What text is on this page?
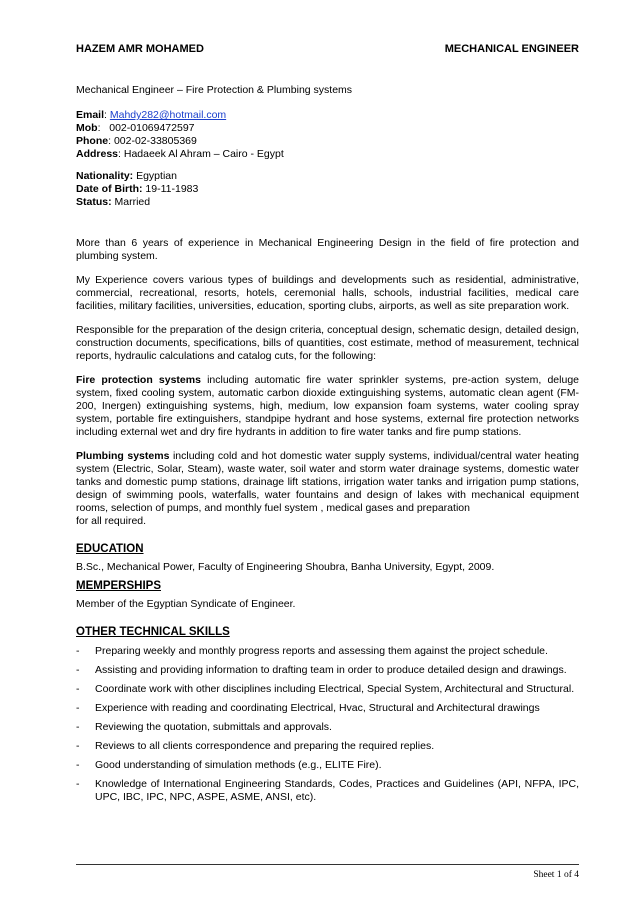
HAZEM AMR MOHAMED	MECHANICAL ENGINEER

Mechanical Engineer – Fire Protection & Plumbing systems

Email: Mahdy282@hotmail.com

Mob:   002-01069472597

Phone: 002-02-33805369

Address: Hadaeek Al Ahram – Cairo - Egypt

Nationality: Egyptian

Date of Birth: 19-11-1983

Status: Married

More than 6 years of experience in Mechanical Engineering Design in the field of fire protection and plumbing system.

My Experience covers various types of buildings and developments such as residential, administrative, commercial, recreational, resorts, hotels, ceremonial halls, schools, industrial facilities, medical care facilities, military facilities, universities, education, sporting clubs, airports, as well as site preparation work.

Responsible for the preparation of the design criteria, conceptual design, schematic design, detailed design, construction documents, specifications, bills of quantities, cost estimate, method of measurement, technical reports, hydraulic calculations and catalog cuts, for the following:

Fire protection systems including automatic fire water sprinkler systems, pre-action system, deluge system, fixed cooling system, automatic carbon dioxide extinguishing systems, automatic clean agent (FM-200, Inergen) extinguishing systems, high, medium, low expansion foam systems, water cooling spray system, portable fire extinguishers, standpipe hydrant and hose systems, external fire protection networks including external wet and dry fire hydrants in addition to fire water tanks and fire pump stations.

Plumbing systems including cold and hot domestic water supply systems, individual/central water heating system (Electric, Solar, Steam), waste water, soil water and storm water drainage systems, domestic water tanks and domestic pump stations, drainage lift stations, irrigation water tanks and irrigation pump stations, design of swimming pools, waterfalls, water fountains and design of lakes with mechanical equipment rooms, selection of pumps, and monthly fuel system , medical gases and preparation

for all required.

EDUCATION

B.Sc., Mechanical Power, Faculty of Engineering Shoubra, Banha University, Egypt, 2009.

MEMPERSHIPS

Member of the Egyptian Syndicate of Engineer.

OTHER TECHNICAL SKILLS

- Preparing weekly and monthly progress reports and assessing them against the project schedule.
- Assisting and providing information to drafting team in order to produce detailed design and drawings.
- Coordinate work with other disciplines including Electrical, Special System, Architectural and Structural.
- Experience with reading and coordinating Electrical, Hvac, Structural and Architectural drawings
- Reviewing the quotation, submittals and approvals.
- Reviews to all clients correspondence and preparing the required replies.
- Good understanding of simulation methods (e.g., ELITE Fire).
- Knowledge of International Engineering Standards, Codes, Practices and Guidelines (API, NFPA, IPC, UPC, IBC, IPC, NPC, ASPE, ASME, ANSI, etc).
Sheet 1 of 4
